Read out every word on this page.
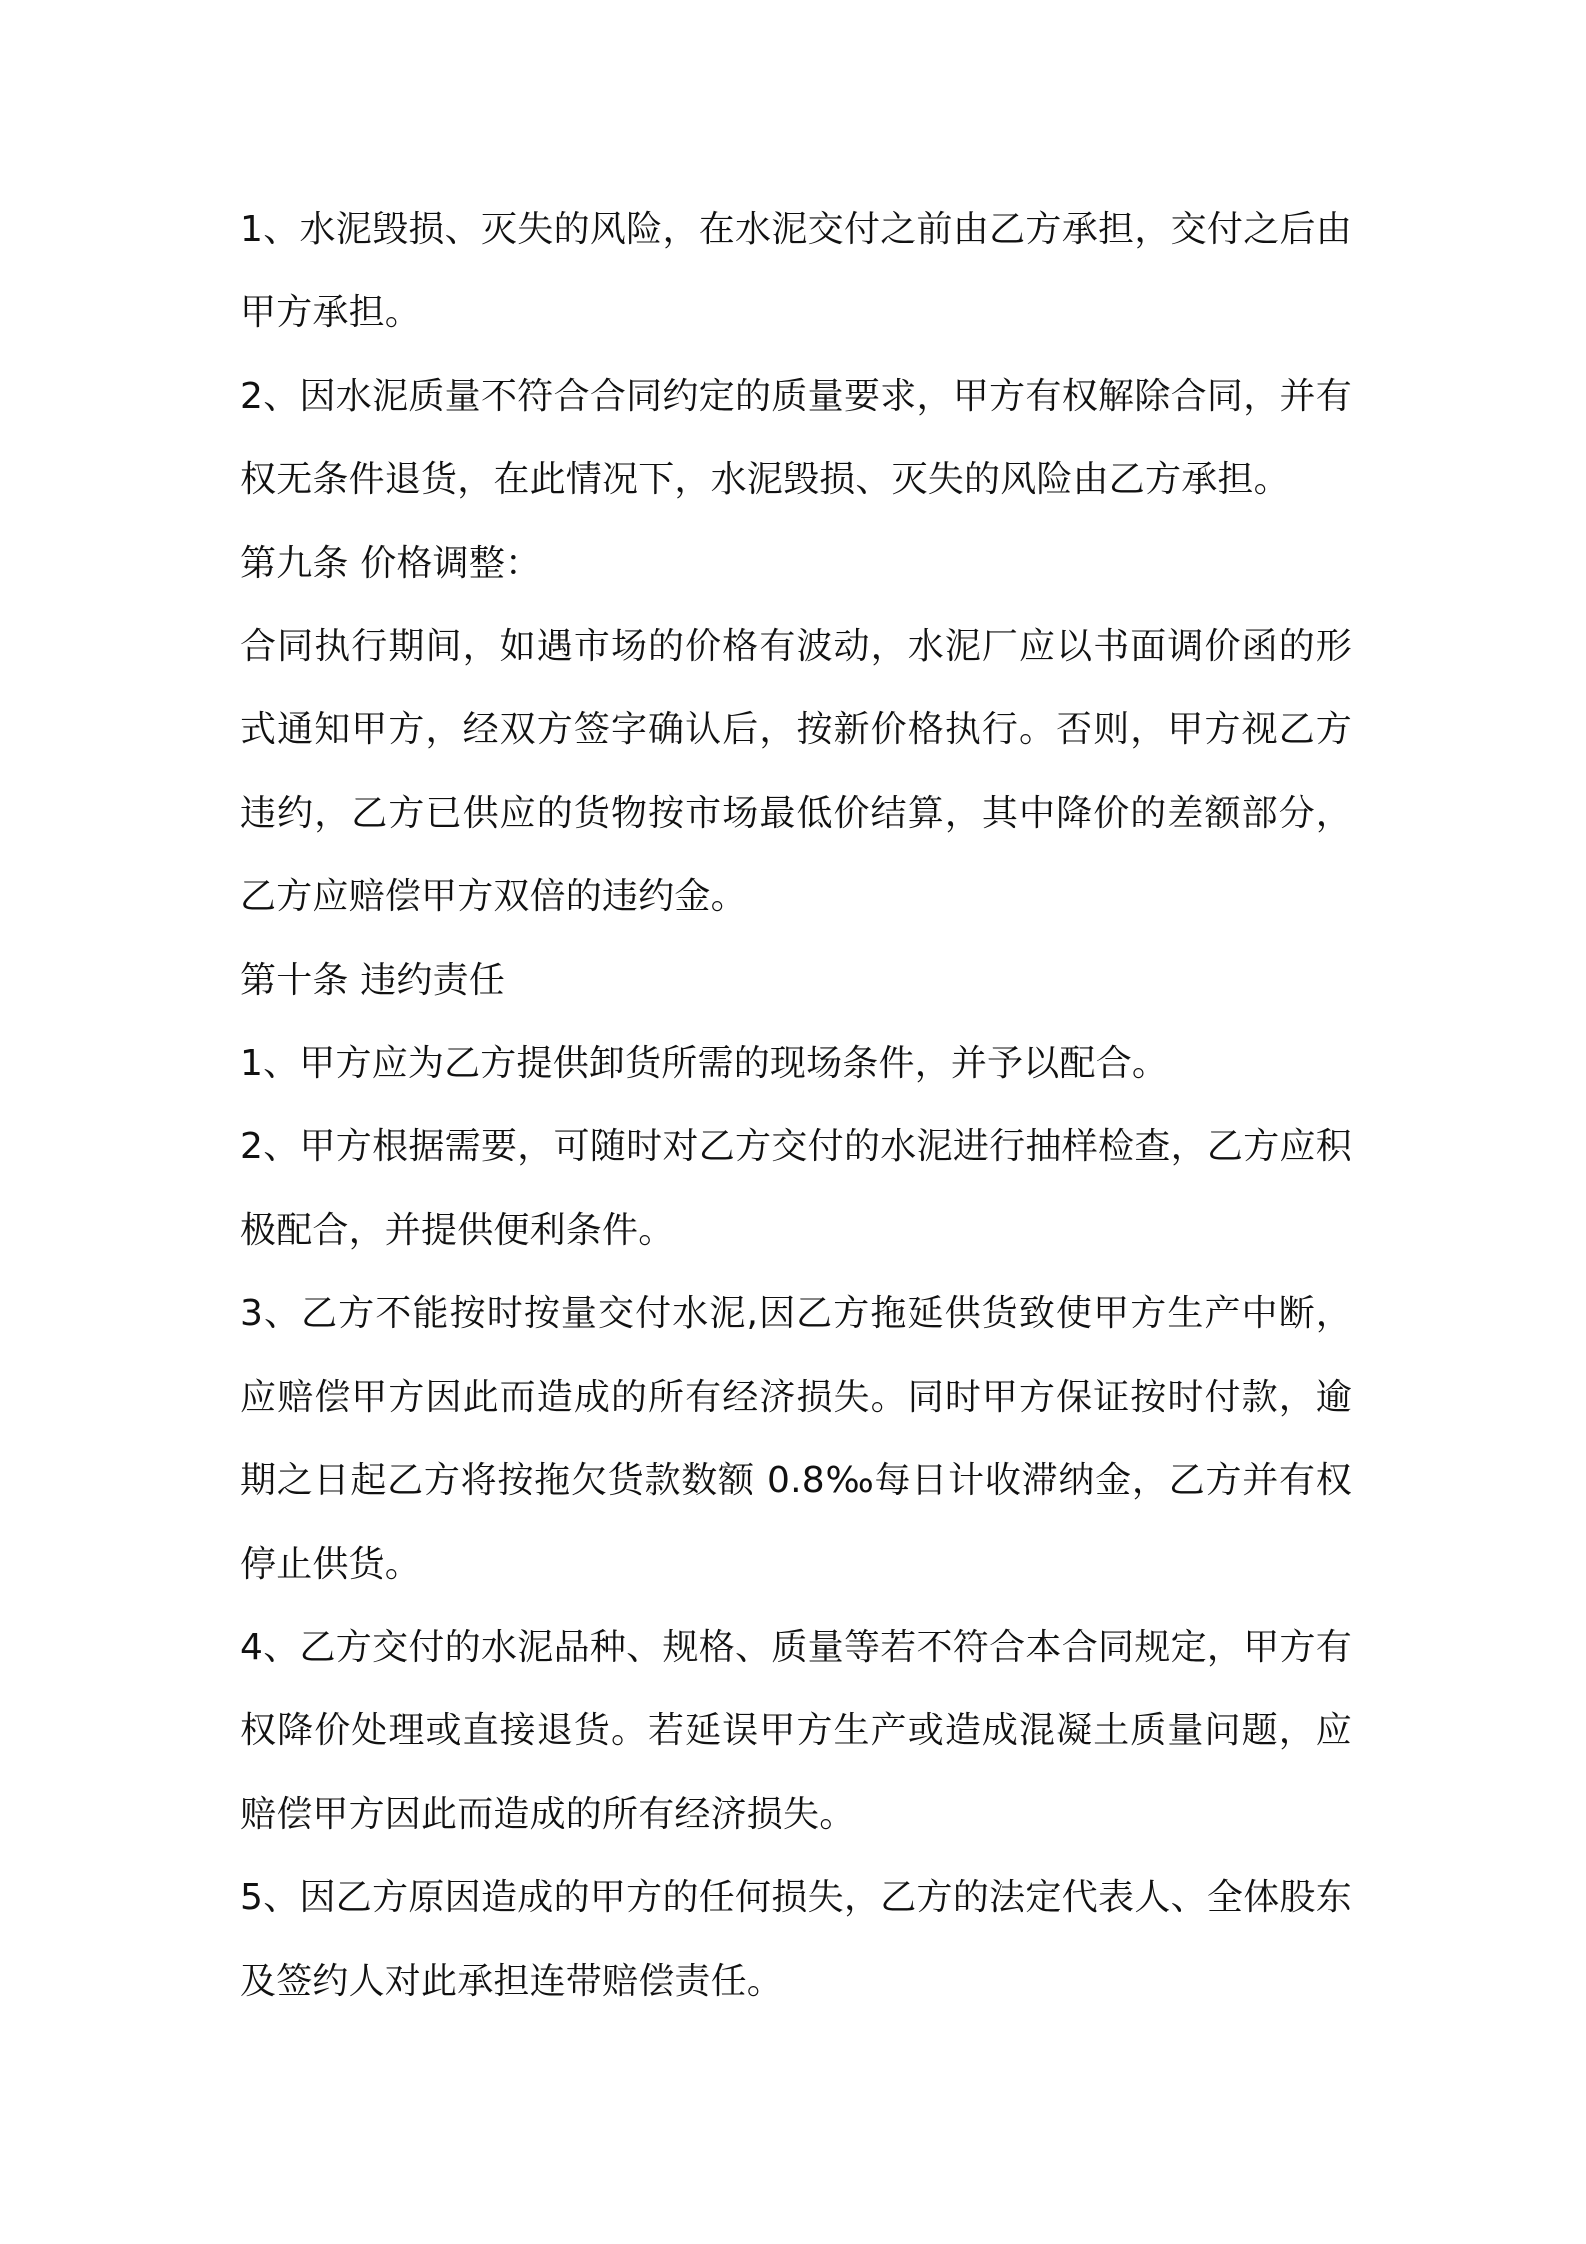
1、水泥毁损、灭失的风险，在水泥交付之前由乙方承担，交付之后由甲方承担。

2、因水泥质量不符合合同约定的质量要求，甲方有权解除合同，并有权无条件退货，在此情况下，水泥毁损、灭失的风险由乙方承担。

第九条 价格调整：

合同执行期间，如遇市场的价格有波动，水泥厂应以书面调价函的形式通知甲方，经双方签字确认后，按新价格执行。否则，甲方视乙方违约，乙方已供应的货物按市场最低价结算，其中降价的差额部分，乙方应赔偿甲方双倍的违约金。

第十条 违约责任

1、甲方应为乙方提供卸货所需的现场条件，并予以配合。

2、甲方根据需要，可随时对乙方交付的水泥进行抽样检查，乙方应积极配合，并提供便利条件。

3、乙方不能按时按量交付水泥,因乙方拖延供货致使甲方生产中断，应赔偿甲方因此而造成的所有经济损失。同时甲方保证按时付款，逾期之日起乙方将按拖欠货款数额 0.8‰每日计收滞纳金，乙方并有权停止供货。

4、乙方交付的水泥品种、规格、质量等若不符合本合同规定，甲方有权降价处理或直接退货。若延误甲方生产或造成混凝土质量问题，应赔偿甲方因此而造成的所有经济损失。

5、因乙方原因造成的甲方的任何损失，乙方的法定代表人、全体股东及签约人对此承担连带赔偿责任。
